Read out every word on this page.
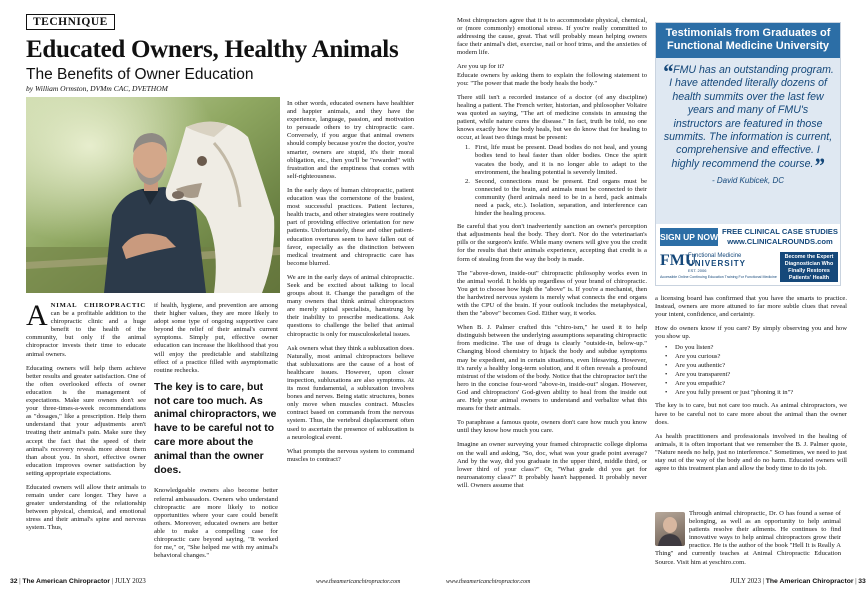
TECHNIQUE
Educated Owners, Healthy Animals
The Benefits of Owner Education
by William Ormston, DVMm CAC, DVETHOM

ANIMAL CHIROPRACTIC can be a profitable addition to the chiropractic clinic and a huge benefit to the health of the community, but only if the animal chiropractor invests their time to educate animal owners.

Educating owners will help them achieve better results and greater satisfaction. One of the often overlooked effects of owner education is the management of expectations. Make sure owners don't see your three-times-a-week recommendations as "dosages," like a prescription. Help them understand that your adjustments aren't treating their animal's pain. Make sure they accept the fact that the speed of their animal's recovery reveals more about them than about you. In short, effective owner education improves owner satisfaction by setting appropriate expectations.

Educated owners will allow their animals to remain under care longer. They have a greater understanding of the relationship between physical, chemical, and emotional stress and their animal's spine and nervous system. Thus,

if health, hygiene, and prevention are among their higher values, they are more likely to adopt some type of ongoing supportive care beyond the relief of their animal's current symptoms. Simply put, effective owner education can increase the likelihood that you will enjoy the predictable and stabilizing effect of a practice filled with asymptomatic routine rechecks.

The key is to care, but not care too much. As animal chiropractors, we have to be careful not to care more about the animal than the owner does.

Knowledgeable owners also become better referral ambassadors. Owners who understand chiropractic are more likely to notice opportunities where your care could benefit others. Moreover, educated owners are better able to make a compelling case for chiropractic care beyond saying, "It worked for me," or, "She helped me with my animal's behavioral changes."

In other words, educated owners have healthier and happier animals, and they have the experience, language, passion, and motivation to persuade others to try chiropractic care. Conversely, if you argue that animal owners should comply because you're the doctor, you're smarter, owners are stupid, it's their moral obligation, etc., then you'll be "rewarded" with frustration and the emptiness that comes with self-righteousness.

In the early days of human chiropractic, patient education was the cornerstone of the busiest, most successful practices. Patient lectures, health tracts, and other strategies were routinely part of providing effective orientation for new patients. Unfortunately, these and other patient-education overtures seem to have fallen out of favor, especially as the distinction between medical treatment and chiropractic care has become blurred.

We are in the early days of animal chiropractic. Seek and be excited about talking to local groups about it. Change the paradigm of the many owners that think animal chiropractors are merely spinal specialists, hamstrung by their inability to prescribe medications. Ask questions to challenge the belief that animal chiropractic is only for musculoskeletal issues.

Ask owners what they think a subluxation does. Naturally, most animal chiropractors believe that subluxations are the cause of a host of healthcare issues. However, upon closer inspection, subluxations are also symptoms. At its most fundamental, a subluxation involves bones and nerves. Being static structures, bones only move when muscles contract. Muscles contract based on commands from the nervous system. Thus, the vertebral displacement often used to ascertain the presence of subluxation is a neurological event.

What prompts the nervous system to command muscles to contract?

32 | The American Chiropractor | JULY 2023	www.theamericanchiropractor.com

Most chiropractors agree that it is to accommodate physical, chemical, or (more commonly) emotional stress. If you're really committed to addressing the cause, great. That will probably mean helping owners face their animal's diet, exercise, nail or hoof trims, and the anxieties of modern life.

Are you up for it?

Educate owners by asking them to explain the following statement to you: "The power that made the body heals the body."

There still isn't a recorded instance of a doctor (of any discipline) healing a patient. The French writer, historian, and philosopher Voltaire was quoted as saying, "The art of medicine consists in amusing the patient, while nature cures the disease." In fact, truth be told, no one knows exactly how the body heals, but we do know that for healing to occur, at least two things must be present:

1. First, life must be present. Dead bodies do not heal, and young bodies tend to heal faster than older bodies. Once the spirit vacates the body, and it is no longer able to adapt to the environment, the healing potential is severely limited.
2. Second, connections must be present. End organs must be connected to the brain, and animals must be connected to their community (herd animals need to be in a herd, pack animals need a pack, etc.). Isolation, separation, and interference can hinder the healing process.

Be careful that you don't inadvertently sanction an owner's perception that adjustments heal the body. They don't. Nor do the veterinarian's pills or the surgeon's knife. While many owners will give you the credit for the results that their animals experience, accepting that credit is a form of stealing from the way the body is made.

The "above-down, inside-out" chiropractic philosophy works even in the animal world. It holds up regardless of your brand of chiropractic. You get to choose how high the "above" is. If you're a mechanist, then the hardwired nervous system is merely what connects the end organs with the CPU of the brain. If your outlook includes the metaphysical, then the "above" becomes God. Either way, it works.

When B. J. Palmer crafted this "chiro-ism," he used it to help distinguish between the underlying assumptions separating chiropractic from medicine. The use of drugs is clearly "outside-in, below-up." Changing blood chemistry to hijack the body and subdue symptoms may be expedient, and in certain situations, even lifesaving. However, it's rarely a healthy long-term solution, and it often reveals a profound mistrust of the wisdom of the body. Notice that the chiropractor isn't the hero in the concise four-word "above-in, inside-out" slogan. However, God and chiropractors' God-given ability to heal from the inside out are. Help your animal owners to understand and verbalize what this means for their animals.

To paraphrase a famous quote, owners don't care how much you know until they know how much you care.

Imagine an owner surveying your framed chiropractic college diploma on the wall and asking, "So, doc, what was your grade point average? And by the way, did you graduate in the upper third, middle third, or lower third of your class?" Or, "What grade did you get for neuroanatomy class?" It probably hasn't happened. It probably never will. Owners assume that

a licensing board has confirmed that you have the smarts to practice. Instead, owners are more attuned to far more subtle clues that reveal your intent, confidence, and certainty.

How do owners know if you care? By simply observing you and how you show up.

• Do you listen?
• Are you curious?
• Are you authentic?
• Are you transparent?
• Are you empathic?
• Are you fully present or just "phoning it in"?

The key is to care, but not care too much. As animal chiropractors, we have to be careful not to care more about the animal than the owner does.

As health practitioners and professionals involved in the healing of animals, it is often important that we remember the B. J. Palmer quote, "Nature needs no help, just no interference." Sometimes, we need to just stay out of the way of the body and do no harm. Educated owners will agree to this treatment plan and allow the body time to do its job.

www.theamericanchiropractor.com	JULY 2023 | The American Chiropractor | 33
Testimonials from Graduates of Functional Medicine University
“FMU has an outstanding program. I have attended literally dozens of health summits over the last few years and many of FMU's instructors are featured in those summits. The information is current, comprehensive and effective. I highly recommend the course.”
- David Kubicek, DC
SIGN UP NOW
FREE CLINICAL CASE STUDIES
www.CLINICALROUNDS.com
FMU
Functional Medicine
UNIVERSITY
EST. 2006
Accessible Online Continuing Education Training For Functional Medicine
Become the Expert Diagnostician Who Finally Restores Patients' Health
Through animal chiropractic, Dr. O has found a sense of belonging, as well as an opportunity to help animal patients resolve their ailments. He continues to find innovative ways to help animal chiropractors grow their practice. He is the author of the book "Hell It is Really A Thing" and currently teaches at Animal Chiropractic Education Source. Visit him at yeschiro.com.
